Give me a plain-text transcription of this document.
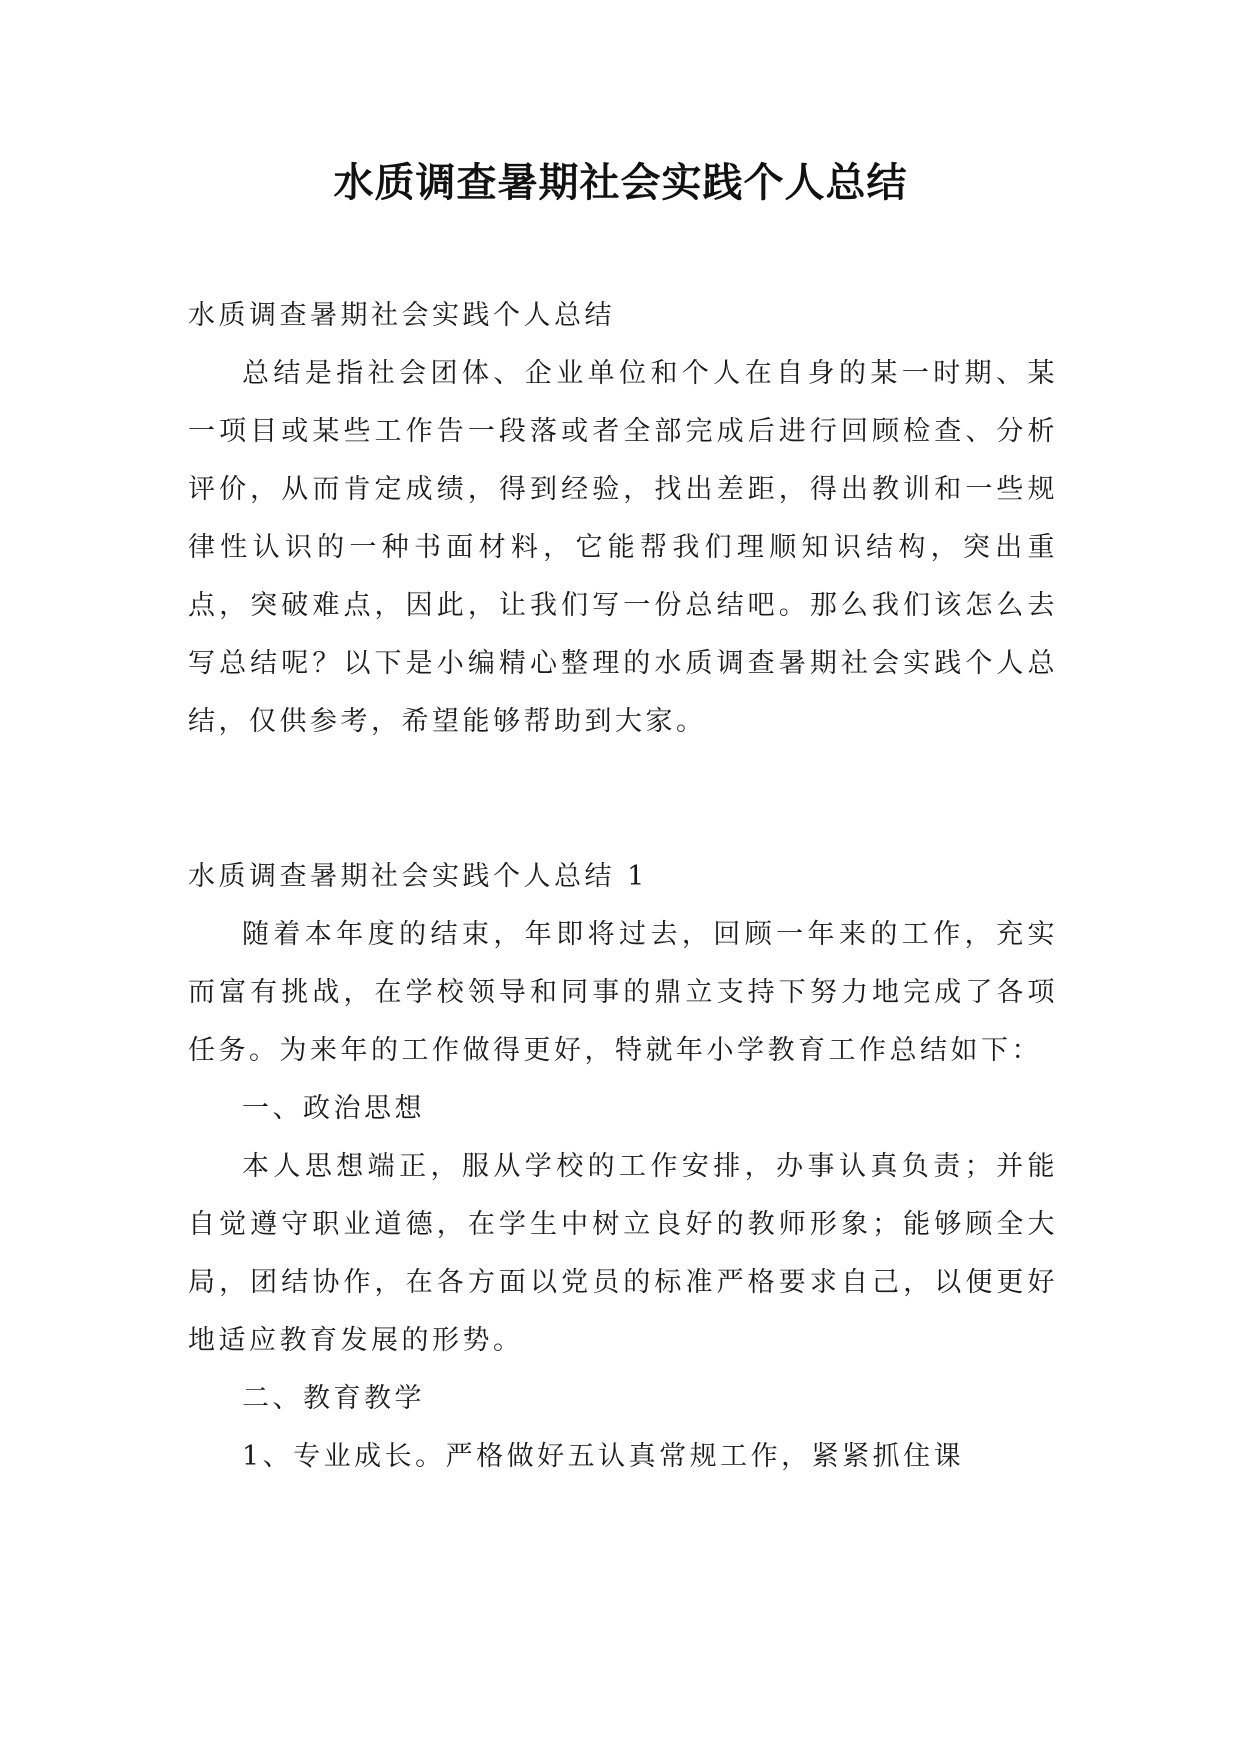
水质调查暑期社会实践个人总结

水质调查暑期社会实践个人总结

总结是指社会团体、企业单位和个人在自身的某一时期、某一项目或某些工作告一段落或者全部完成后进行回顾检查、分析评价，从而肯定成绩，得到经验，找出差距，得出教训和一些规律性认识的一种书面材料，它能帮我们理顺知识结构，突出重点，突破难点，因此，让我们写一份总结吧。那么我们该怎么去写总结呢？以下是小编精心整理的水质调查暑期社会实践个人总结，仅供参考，希望能够帮助到大家。

水质调查暑期社会实践个人总结 1

随着本年度的结束，年即将过去，回顾一年来的工作，充实而富有挑战，在学校领导和同事的鼎立支持下努力地完成了各项任务。为来年的工作做得更好，特就年小学教育工作总结如下：

一、政治思想

本人思想端正，服从学校的工作安排，办事认真负责；并能自觉遵守职业道德，在学生中树立良好的教师形象；能够顾全大局，团结协作，在各方面以党员的标准严格要求自己，以便更好地适应教育发展的形势。

二、教育教学

1、专业成长。严格做好五认真常规工作，紧紧抓住课
